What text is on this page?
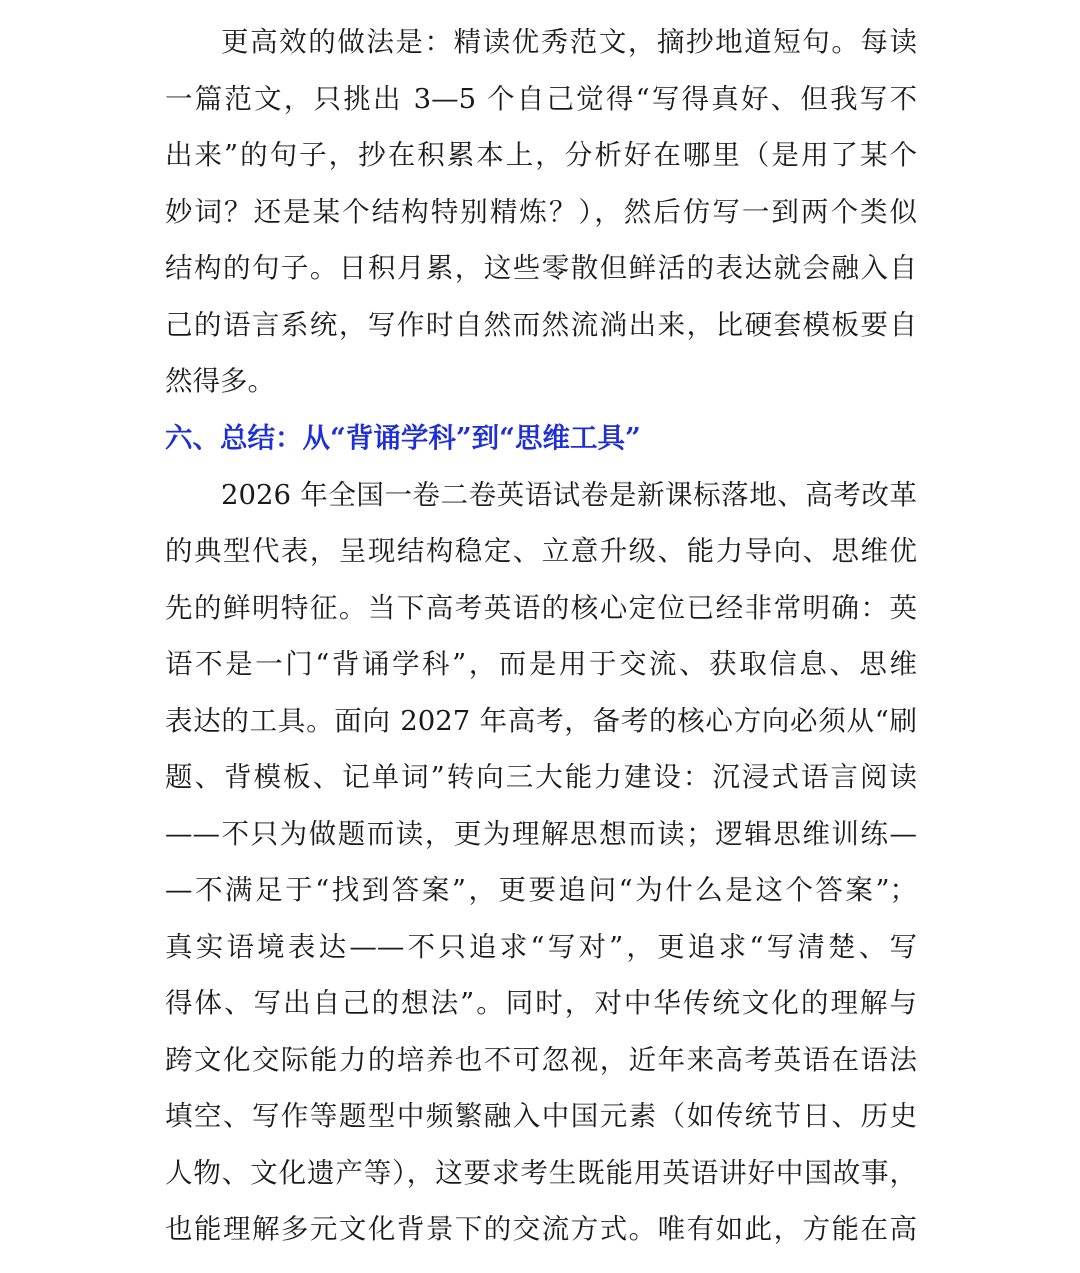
更高效的做法是：精读优秀范文，摘抄地道短句。每读
一篇范文，只挑出 3—5 个自己觉得“写得真好、但我写不
出来”的句子，抄在积累本上，分析好在哪里（是用了某个
妙词？还是某个结构特别精炼？），然后仿写一到两个类似
结构的句子。日积月累，这些零散但鲜活的表达就会融入自
己的语言系统，写作时自然而然流淌出来，比硬套模板要自
然得多。
六、总结：从“背诵学科”到“思维工具”
2026 年全国一卷二卷英语试卷是新课标落地、高考改革
的典型代表，呈现结构稳定、立意升级、能力导向、思维优
先的鲜明特征。当下高考英语的核心定位已经非常明确：英
语不是一门“背诵学科”，而是用于交流、获取信息、思维
表达的工具。面向 2027 年高考，备考的核心方向必须从“刷
题、背模板、记单词”转向三大能力建设：沉浸式语言阅读
——不只为做题而读，更为理解思想而读；逻辑思维训练—
—不满足于“找到答案”，更要追问“为什么是这个答案”；
真实语境表达——不只追求“写对”，更追求“写清楚、写
得体、写出自己的想法”。同时，对中华传统文化的理解与
跨文化交际能力的培养也不可忽视，近年来高考英语在语法
填空、写作等题型中频繁融入中国元素（如传统节日、历史
人物、文化遗产等），这要求考生既能用英语讲好中国故事，
也能理解多元文化背景下的交流方式。唯有如此，方能在高
